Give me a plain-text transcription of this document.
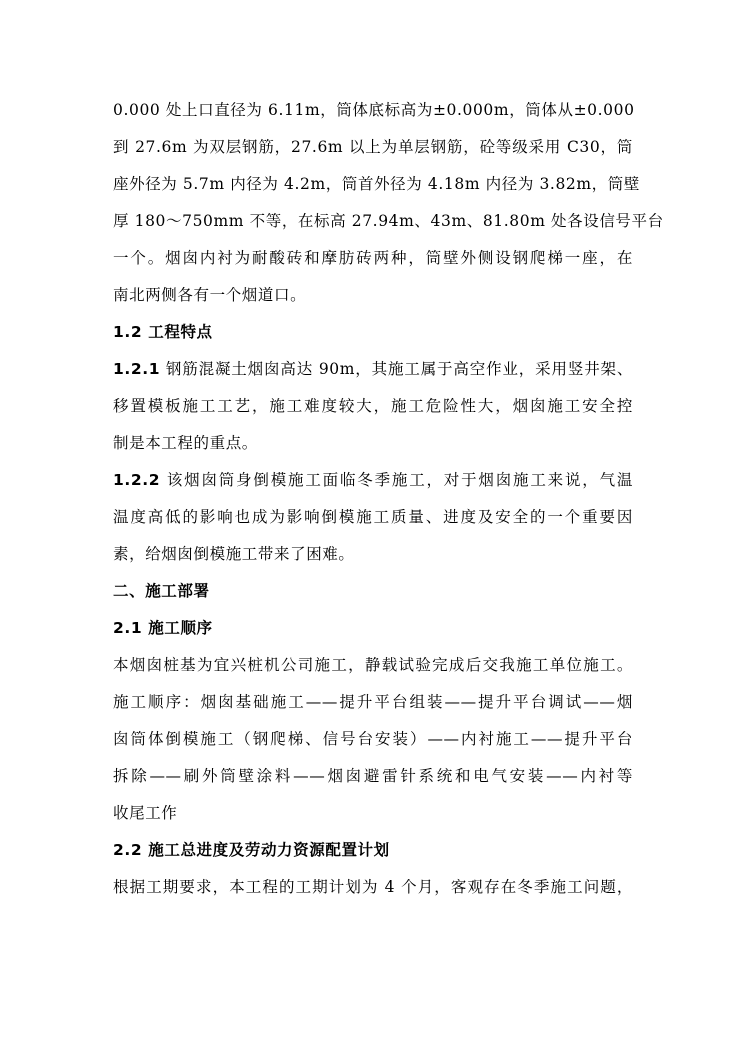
0.000 处上口直径为 6.11m，筒体底标高为±0.000m，筒体从±0.000
到 27.6m 为双层钢筋，27.6m 以上为单层钢筋，砼等级采用 C30，筒
座外径为 5.7m 内径为 4.2m，筒首外径为 4.18m 内径为 3.82m，筒壁
厚 180～750mm 不等，在标高 27.94m、43m、81.80m 处各设信号平台
一个。烟囱内衬为耐酸砖和摩肪砖两种，筒壁外侧设钢爬梯一座，在
南北两侧各有一个烟道口。
1.2 工程特点
1.2.1 钢筋混凝土烟囱高达 90m，其施工属于高空作业，采用竖井架、
移置模板施工工艺，施工难度较大，施工危险性大，烟囱施工安全控
制是本工程的重点。
1.2.2 该烟囱筒身倒模施工面临冬季施工，对于烟囱施工来说，气温
温度高低的影响也成为影响倒模施工质量、进度及安全的一个重要因
素，给烟囱倒模施工带来了困难。
二、施工部署
2.1 施工顺序
本烟囱桩基为宜兴桩机公司施工，静载试验完成后交我施工单位施工。
施工顺序：烟囱基础施工——提升平台组装——提升平台调试——烟
囱筒体倒模施工（钢爬梯、信号台安装）——内衬施工——提升平台
拆除——刷外筒壁涂料——烟囱避雷针系统和电气安装——内衬等
收尾工作
2.2 施工总进度及劳动力资源配置计划
根据工期要求，本工程的工期计划为 4 个月，客观存在冬季施工问题，
